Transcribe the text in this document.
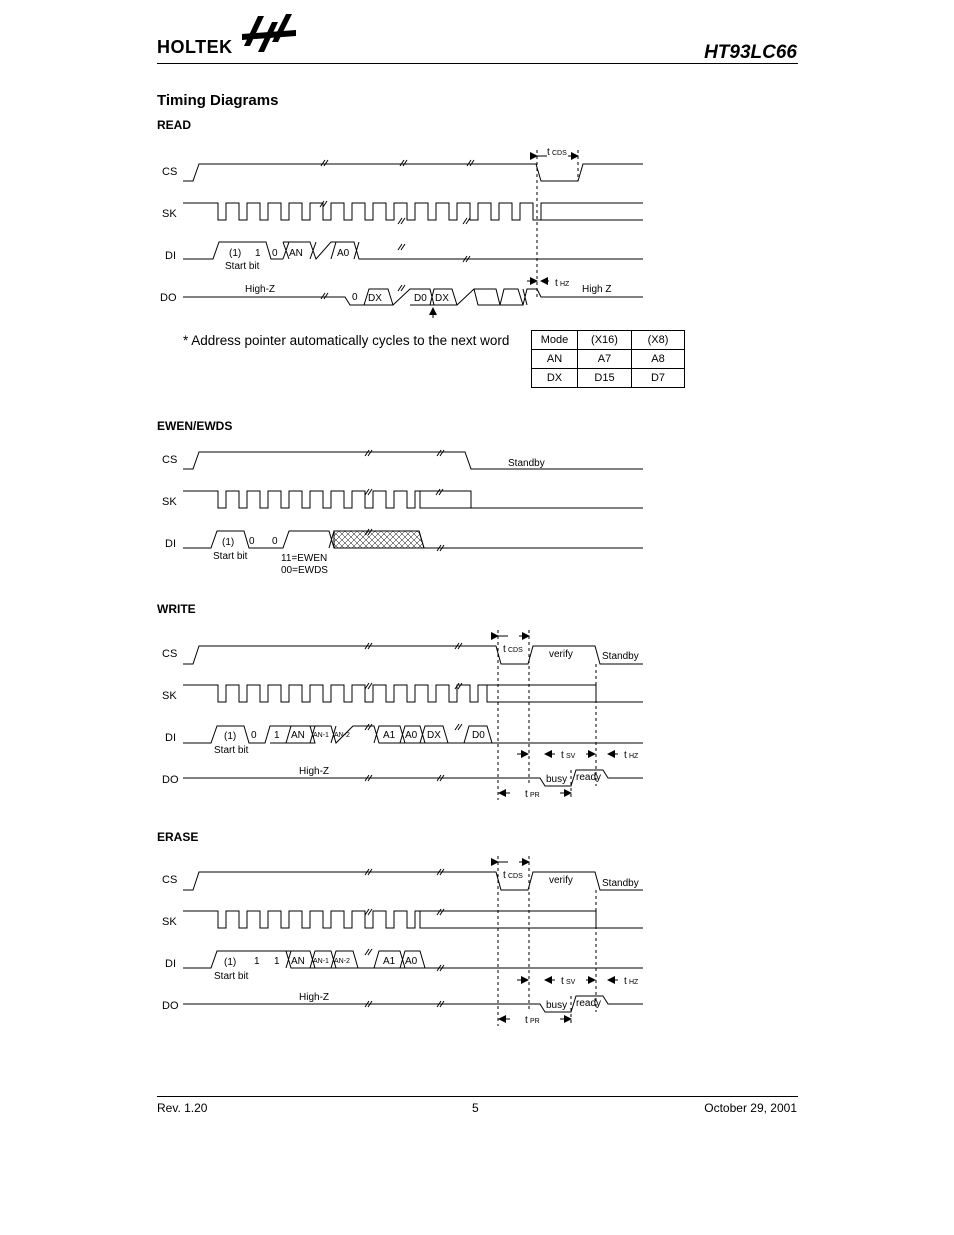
HOLTEK	HT93LC66
Timing Diagrams
READ
EWEN/EWDS
WRITE
ERASE
* Address pointer automatically cycles to the next word	Mode	(X16)	(X8)
AN	A7	A8
DX	D15	D7
CS
SK
DI
DO
t CDS
(1) 1 0 AN	A0
Start bit
High-Z
0 DX	D0 DX
t HZ High Z
CS
SK
DI
Standby
(1) 0 0
Start bit	11=EWEN
00=EWDS
CS
SK
DI
DO
t CDS	verify	Standby
(1) 0 1 AN AN-1 AN-2	A1 A0 DX	D0
Start bit	t SV	t HZ
High-Z
busy ready
t PR
CS
SK
DI
DO
t CDS	verify	Standby
(1) 1 1 AN AN-1 AN-2	A1 A0
Start bit	t SV	t HZ
High-Z
busy ready
t PR
Rev. 1.20	5	October 29, 2001
